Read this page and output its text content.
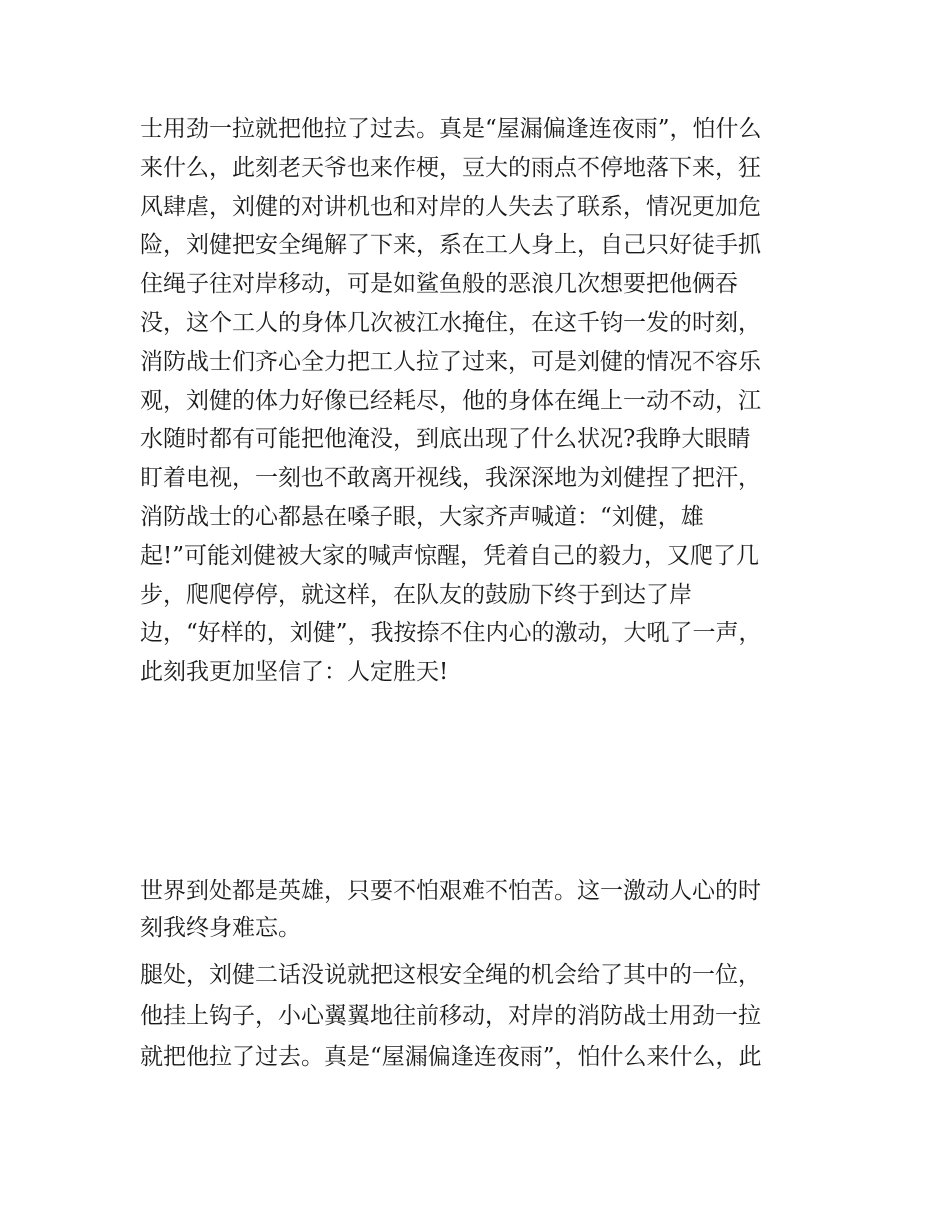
士用劲一拉就把他拉了过去。真是“屋漏偏逢连夜雨”，怕什么
来什么，此刻老天爷也来作梗，豆大的雨点不停地落下来，狂
风肆虐，刘健的对讲机也和对岸的人失去了联系，情况更加危
险，刘健把安全绳解了下来，系在工人身上，自己只好徒手抓
住绳子往对岸移动，可是如鲨鱼般的恶浪几次想要把他俩吞
没，这个工人的身体几次被江水掩住，在这千钧一发的时刻，
消防战士们齐心全力把工人拉了过来，可是刘健的情况不容乐
观，刘健的体力好像已经耗尽，他的身体在绳上一动不动，江
水随时都有可能把他淹没，到底出现了什么状况?我睁大眼睛
盯着电视，一刻也不敢离开视线，我深深地为刘健捏了把汗，
消防战士的心都悬在嗓子眼，大家齐声喊道：“刘健，雄
起!”可能刘健被大家的喊声惊醒，凭着自己的毅力，又爬了几
步，爬爬停停，就这样，在队友的鼓励下终于到达了岸
边，“好样的，刘健”，我按捺不住内心的激动，大吼了一声，
此刻我更加坚信了：人定胜天!
世界到处都是英雄，只要不怕艰难不怕苦。这一激动人心的时
刻我终身难忘。
腿处，刘健二话没说就把这根安全绳的机会给了其中的一位，
他挂上钩子，小心翼翼地往前移动，对岸的消防战士用劲一拉
就把他拉了过去。真是“屋漏偏逢连夜雨”，怕什么来什么，此
